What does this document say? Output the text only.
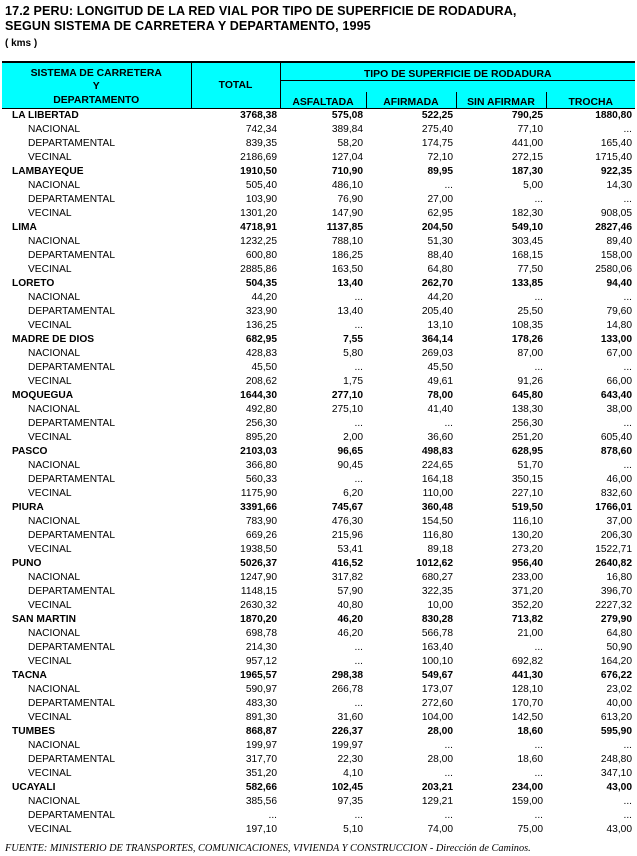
17.2 PERU: LONGITUD DE LA RED VIAL POR TIPO DE SUPERFICIE DE RODADURA,
SEGUN SISTEMA DE CARRETERA Y DEPARTAMENTO, 1995
( kms )
SISTEMA DE CARRETERA
Y
DEPARTAMENTO	TOTAL	TIPO DE SUPERFICIE DE RODADURA			

		ASFALTADA	AFIRMADA	SIN AFIRMAR	TROCHA
LA LIBERTAD	3768,38	575,08	522,25	790,25	1880,80
NACIONAL	742,34	389,84	275,40	77,10	...
DEPARTAMENTAL	839,35	58,20	174,75	441,00	165,40
VECINAL	2186,69	127,04	72,10	272,15	1715,40
LAMBAYEQUE	1910,50	710,90	89,95	187,30	922,35
NACIONAL	505,40	486,10	...	5,00	14,30
DEPARTAMENTAL	103,90	76,90	27,00	...	...
VECINAL	1301,20	147,90	62,95	182,30	908,05
LIMA	4718,91	1137,85	204,50	549,10	2827,46
NACIONAL	1232,25	788,10	51,30	303,45	89,40
DEPARTAMENTAL	600,80	186,25	88,40	168,15	158,00
VECINAL	2885,86	163,50	64,80	77,50	2580,06
LORETO	504,35	13,40	262,70	133,85	94,40
NACIONAL	44,20	...	44,20	...	...
DEPARTAMENTAL	323,90	13,40	205,40	25,50	79,60
VECINAL	136,25	...	13,10	108,35	14,80
MADRE DE DIOS	682,95	7,55	364,14	178,26	133,00
NACIONAL	428,83	5,80	269,03	87,00	67,00
DEPARTAMENTAL	45,50	...	45,50	...	...
VECINAL	208,62	1,75	49,61	91,26	66,00
MOQUEGUA	1644,30	277,10	78,00	645,80	643,40
NACIONAL	492,80	275,10	41,40	138,30	38,00
DEPARTAMENTAL	256,30	...	...	256,30	...
VECINAL	895,20	2,00	36,60	251,20	605,40
PASCO	2103,03	96,65	498,83	628,95	878,60
NACIONAL	366,80	90,45	224,65	51,70	...
DEPARTAMENTAL	560,33	...	164,18	350,15	46,00
VECINAL	1175,90	6,20	110,00	227,10	832,60
PIURA	3391,66	745,67	360,48	519,50	1766,01
NACIONAL	783,90	476,30	154,50	116,10	37,00
DEPARTAMENTAL	669,26	215,96	116,80	130,20	206,30
VECINAL	1938,50	53,41	89,18	273,20	1522,71
PUNO	5026,37	416,52	1012,62	956,40	2640,82
NACIONAL	1247,90	317,82	680,27	233,00	16,80
DEPARTAMENTAL	1148,15	57,90	322,35	371,20	396,70
VECINAL	2630,32	40,80	10,00	352,20	2227,32
SAN MARTIN	1870,20	46,20	830,28	713,82	279,90
NACIONAL	698,78	46,20	566,78	21,00	64,80
DEPARTAMENTAL	214,30	...	163,40	...	50,90
VECINAL	957,12	...	100,10	692,82	164,20
TACNA	1965,57	298,38	549,67	441,30	676,22
NACIONAL	590,97	266,78	173,07	128,10	23,02
DEPARTAMENTAL	483,30	...	272,60	170,70	40,00
VECINAL	891,30	31,60	104,00	142,50	613,20
TUMBES	868,87	226,37	28,00	18,60	595,90
NACIONAL	199,97	199,97	...	...	...
DEPARTAMENTAL	317,70	22,30	28,00	18,60	248,80
VECINAL	351,20	4,10	...	...	347,10
UCAYALI	582,66	102,45	203,21	234,00	43,00
NACIONAL	385,56	97,35	129,21	159,00	...
DEPARTAMENTAL	...	...	...	...	...
VECINAL	197,10	5,10	74,00	75,00	43,00
FUENTE: MINISTERIO DE TRANSPORTES, COMUNICACIONES, VIVIENDA Y CONSTRUCCION - Dirección de Caminos.
